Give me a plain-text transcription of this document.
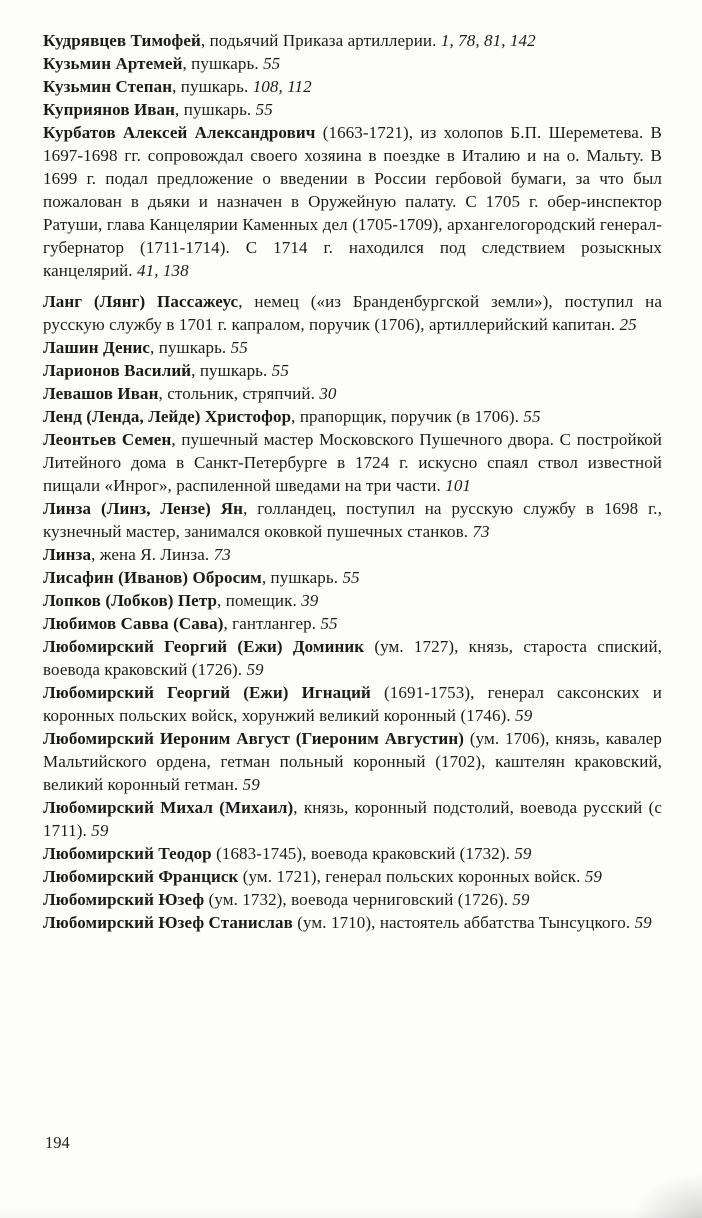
Кудрявцев Тимофей, подьячий Приказа артиллерии. 1, 78, 81, 142

Кузьмин Артемей, пушкарь. 55

Кузьмин Степан, пушкарь. 108, 112

Куприянов Иван, пушкарь. 55

Курбатов Алексей Александрович (1663-1721), из холопов Б.П. Шереметева. В 1697-1698 гг. сопровождал своего хозяина в поездке в Италию и на о. Мальту. В 1699 г. подал предложение о введении в России гербовой бумаги, за что был пожалован в дьяки и назначен в Оружейную палату. С 1705 г. обер-инспектор Ратуши, глава Канцелярии Каменных дел (1705-1709), архангелогородский генерал-губернатор (1711-1714). С 1714 г. находился под следствием розыскных канцелярий. 41, 138

Ланг (Лянг) Пассажеус, немец («из Бранденбургской земли»), поступил на русскую службу в 1701 г. капралом, поручик (1706), артиллерийский капитан. 25

Лашин Денис, пушкарь. 55

Ларионов Василий, пушкарь. 55

Левашов Иван, стольник, стряпчий. 30

Ленд (Ленда, Лейде) Христофор, прапорщик, поручик (в 1706). 55

Леонтьев Семен, пушечный мастер Московского Пушечного двора. С постройкой Литейного дома в Санкт-Петербурге в 1724 г. искусно спаял ствол известной пищали «Инрог», распиленной шведами на три части. 101

Линза (Линз, Лензе) Ян, голландец, поступил на русскую службу в 1698 г., кузнечный мастер, занимался оковкой пушечных станков. 73

Линза, жена Я. Линза. 73

Лисафин (Иванов) Обросим, пушкарь. 55

Лопков (Лобков) Петр, помещик. 39

Любимов Савва (Сава), гантлангер. 55

Любомирский Георгий (Ежи) Доминик (ум. 1727), князь, староста спиский, воевода краковский (1726). 59

Любомирский Георгий (Ежи) Игнаций (1691-1753), генерал саксонских и коронных польских войск, хорунжий великий коронный (1746). 59

Любомирский Иероним Август (Гиероним Августин) (ум. 1706), князь, кавалер Мальтийского ордена, гетман польный коронный (1702), каштелян краковский, великий коронный гетман. 59

Любомирский Михал (Михаил), князь, коронный подстолий, воевода русский (с 1711). 59

Любомирский Теодор (1683-1745), воевода краковский (1732). 59

Любомирский Франциск (ум. 1721), генерал польских коронных войск. 59

Любомирский Юзеф (ум. 1732), воевода черниговский (1726). 59

Любомирский Юзеф Станислав (ум. 1710), настоятель аббатства Тынсуцкого. 59

194
